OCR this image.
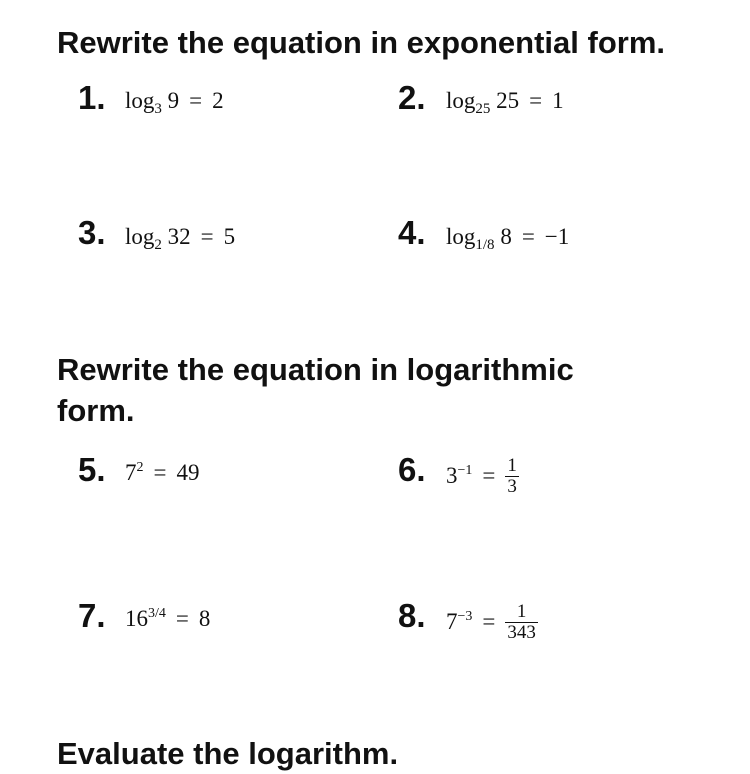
Rewrite the equation in exponential form.
1. $\log_3 9 = 2$	2. $\log_{25} 25 = 1$
3. $\log_2 32 = 5$	4. $\log_{1/8} 8 = -1$
Rewrite the equation in logarithmic
form.
5. $7^2 = 49$	6. $3^{-1} = \frac{1}{3}$
7. $16^{3/4} = 8$	8. $7^{-3} = \frac{1}{343}$
Evaluate the logarithm.
